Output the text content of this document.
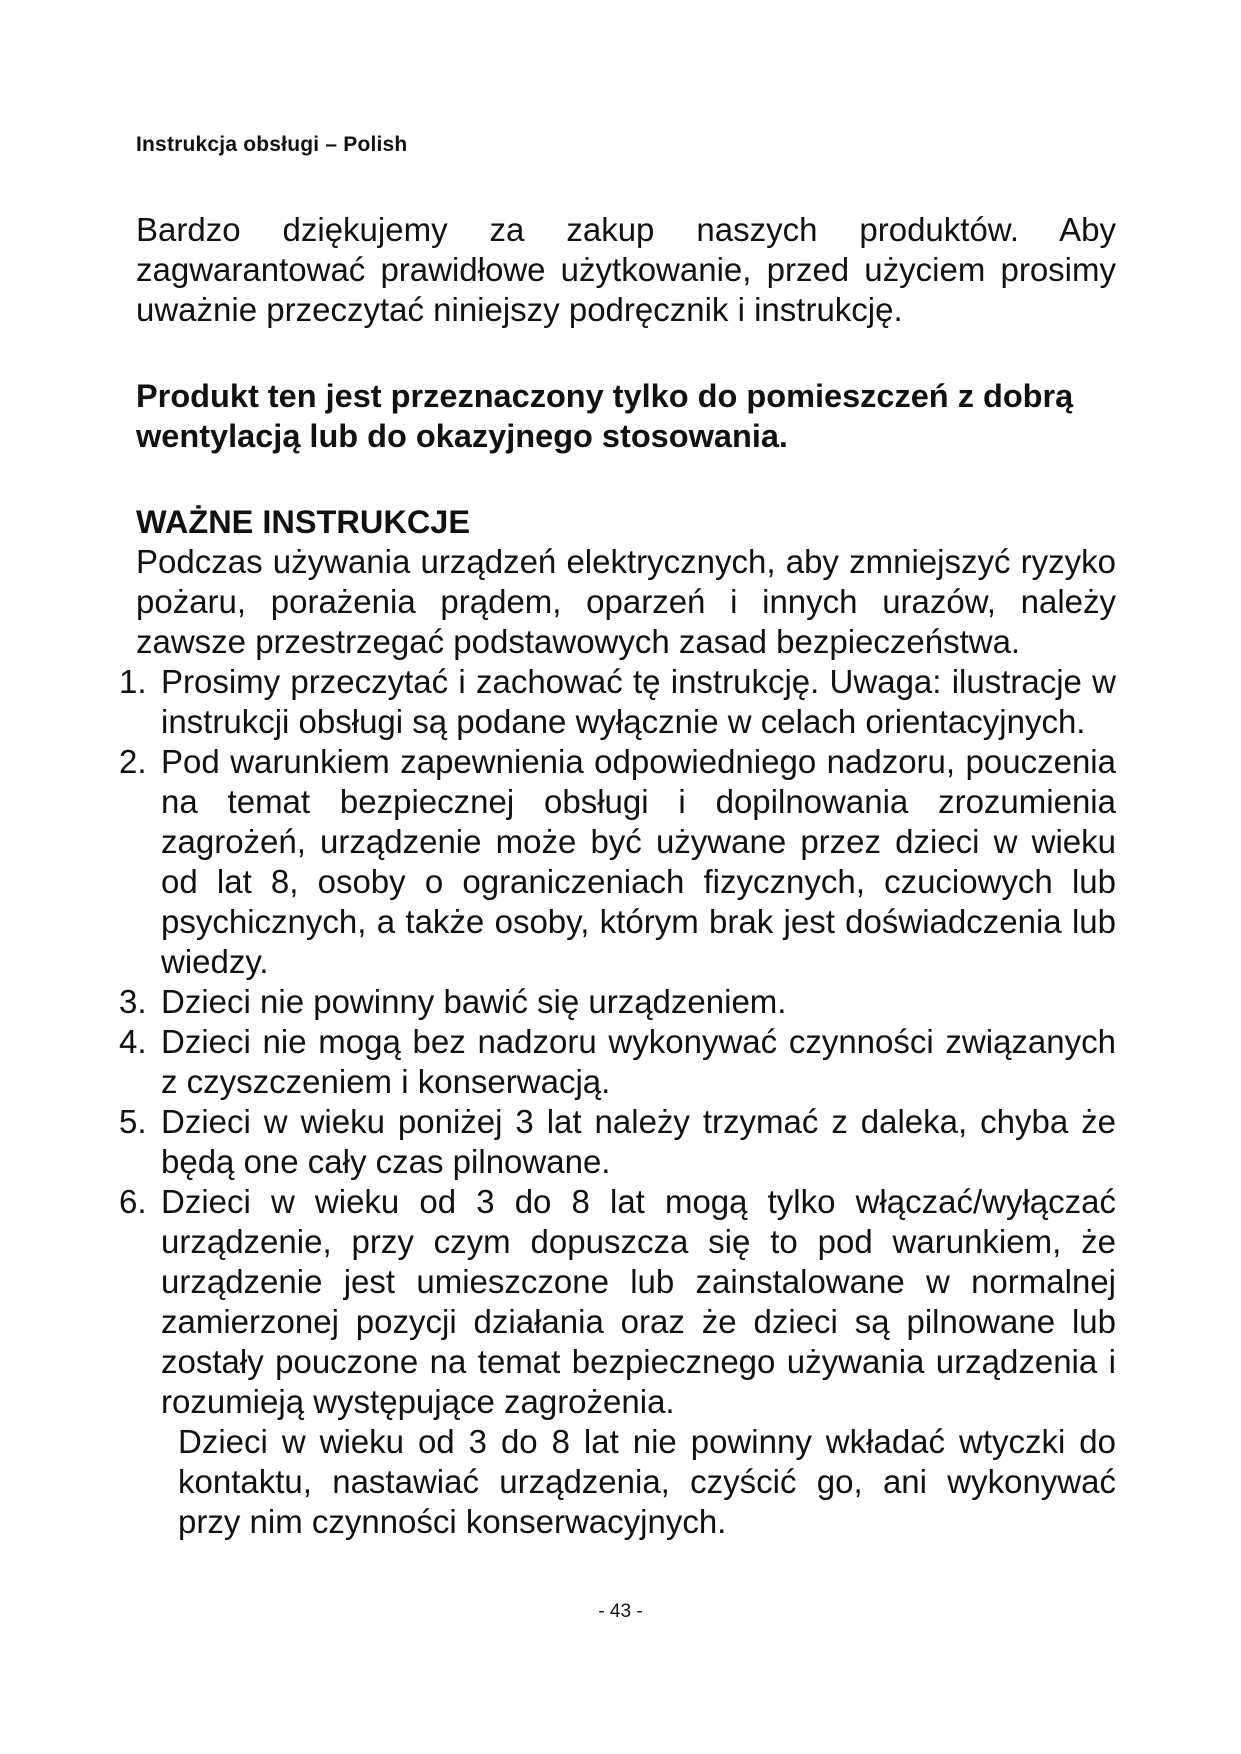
Instrukcja obsługi – Polish

Bardzo dziękujemy za zakup naszych produktów. Aby zagwarantować prawidłowe użytkowanie, przed użyciem prosimy uważnie przeczytać niniejszy podręcznik i instrukcję.

Produkt ten jest przeznaczony tylko do pomieszczeń z dobrą wentylacją lub do okazyjnego stosowania.

WAŻNE INSTRUKCJE

Podczas używania urządzeń elektrycznych, aby zmniejszyć ryzyko pożaru, porażenia prądem, oparzeń i innych urazów, należy zawsze przestrzegać podstawowych zasad bezpieczeństwa.

1. Prosimy przeczytać i zachować tę instrukcję. Uwaga: ilustracje w instrukcji obsługi są podane wyłącznie w celach orientacyjnych.
2. Pod warunkiem zapewnienia odpowiedniego nadzoru, pouczenia na temat bezpiecznej obsługi i dopilnowania zrozumienia zagrożeń, urządzenie może być używane przez dzieci w wieku od lat 8, osoby o ograniczeniach fizycznych, czuciowych lub psychicznych, a także osoby, którym brak jest doświadczenia lub wiedzy.
3. Dzieci nie powinny bawić się urządzeniem.
4. Dzieci nie mogą bez nadzoru wykonywać czynności związanych z czyszczeniem i konserwacją.
5. Dzieci w wieku poniżej 3 lat należy trzymać z daleka, chyba że będą one cały czas pilnowane.
6. Dzieci w wieku od 3 do 8 lat mogą tylko włączać/wyłączać urządzenie, przy czym dopuszcza się to pod warunkiem, że urządzenie jest umieszczone lub zainstalowane w normalnej zamierzonej pozycji działania oraz że dzieci są pilnowane lub zostały pouczone na temat bezpiecznego używania urządzenia i rozumieją występujące zagrożenia.

Dzieci w wieku od 3 do 8 lat nie powinny wkładać wtyczki do kontaktu, nastawiać urządzenia, czyścić go, ani wykonywać przy nim czynności konserwacyjnych.

- 43 -
